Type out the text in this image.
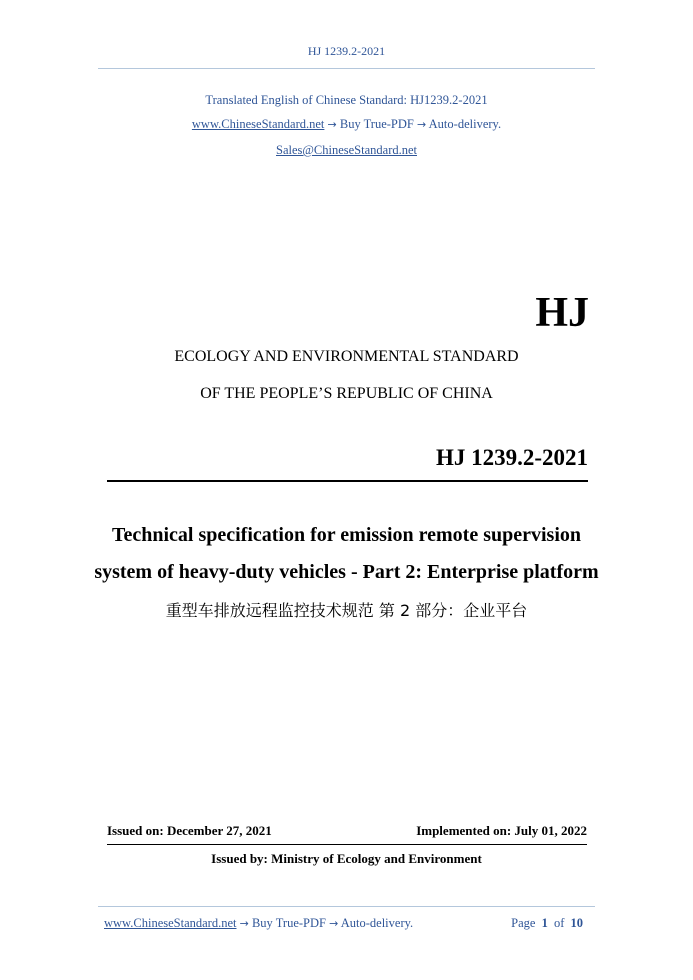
HJ 1239.2-2021
Translated English of Chinese Standard: HJ1239.2-2021
www.ChineseStandard.net → Buy True-PDF → Auto-delivery.
Sales@ChineseStandard.net
HJ
ECOLOGY AND ENVIRONMENTAL STANDARD
OF THE PEOPLE’S REPUBLIC OF CHINA
HJ 1239.2-2021
Technical specification for emission remote supervision
system of heavy-duty vehicles - Part 2: Enterprise platform
重型车排放远程监控技术规范 第 2 部分：企业平台
Issued on: December 27, 2021	Implemented on: July 01, 2022
Issued by: Ministry of Ecology and Environment
www.ChineseStandard.net → Buy True-PDF → Auto-delivery.	Page 1 of 10
